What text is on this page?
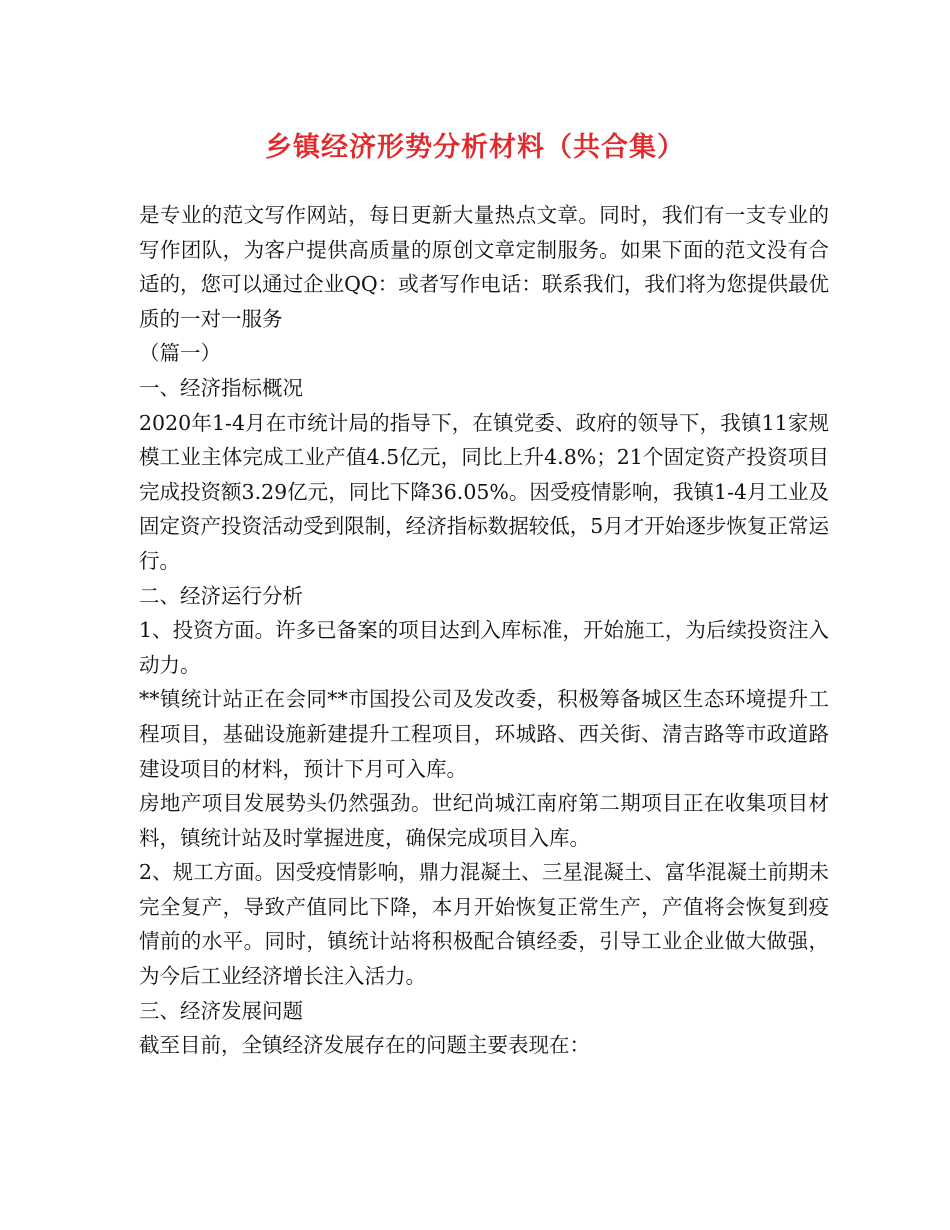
乡镇经济形势分析材料（共合集）

是专业的范文写作网站，每日更新大量热点文章。同时，我们有一支专业的写作团队，为客户提供高质量的原创文章定制服务。如果下面的范文没有合适的，您可以通过企业QQ：或者写作电话：联系我们，我们将为您提供最优质的一对一服务

（篇一）

一、经济指标概况

2020年1-4月在市统计局的指导下，在镇党委、政府的领导下，我镇11家规模工业主体完成工业产值4.5亿元，同比上升4.8%；21个固定资产投资项目完成投资额3.29亿元，同比下降36.05%。因受疫情影响，我镇1-4月工业及固定资产投资活动受到限制，经济指标数据较低，5月才开始逐步恢复正常运行。

二、经济运行分析

1、投资方面。许多已备案的项目达到入库标准，开始施工，为后续投资注入动力。

**镇统计站正在会同**市国投公司及发改委，积极筹备城区生态环境提升工程项目，基础设施新建提升工程项目，环城路、西关街、清吉路等市政道路建设项目的材料，预计下月可入库。

房地产项目发展势头仍然强劲。世纪尚城江南府第二期项目正在收集项目材料，镇统计站及时掌握进度，确保完成项目入库。

2、规工方面。因受疫情影响，鼎力混凝土、三星混凝土、富华混凝土前期未完全复产，导致产值同比下降，本月开始恢复正常生产，产值将会恢复到疫情前的水平。同时，镇统计站将积极配合镇经委，引导工业企业做大做强，为今后工业经济增长注入活力。

三、经济发展问题

截至目前，全镇经济发展存在的问题主要表现在：
